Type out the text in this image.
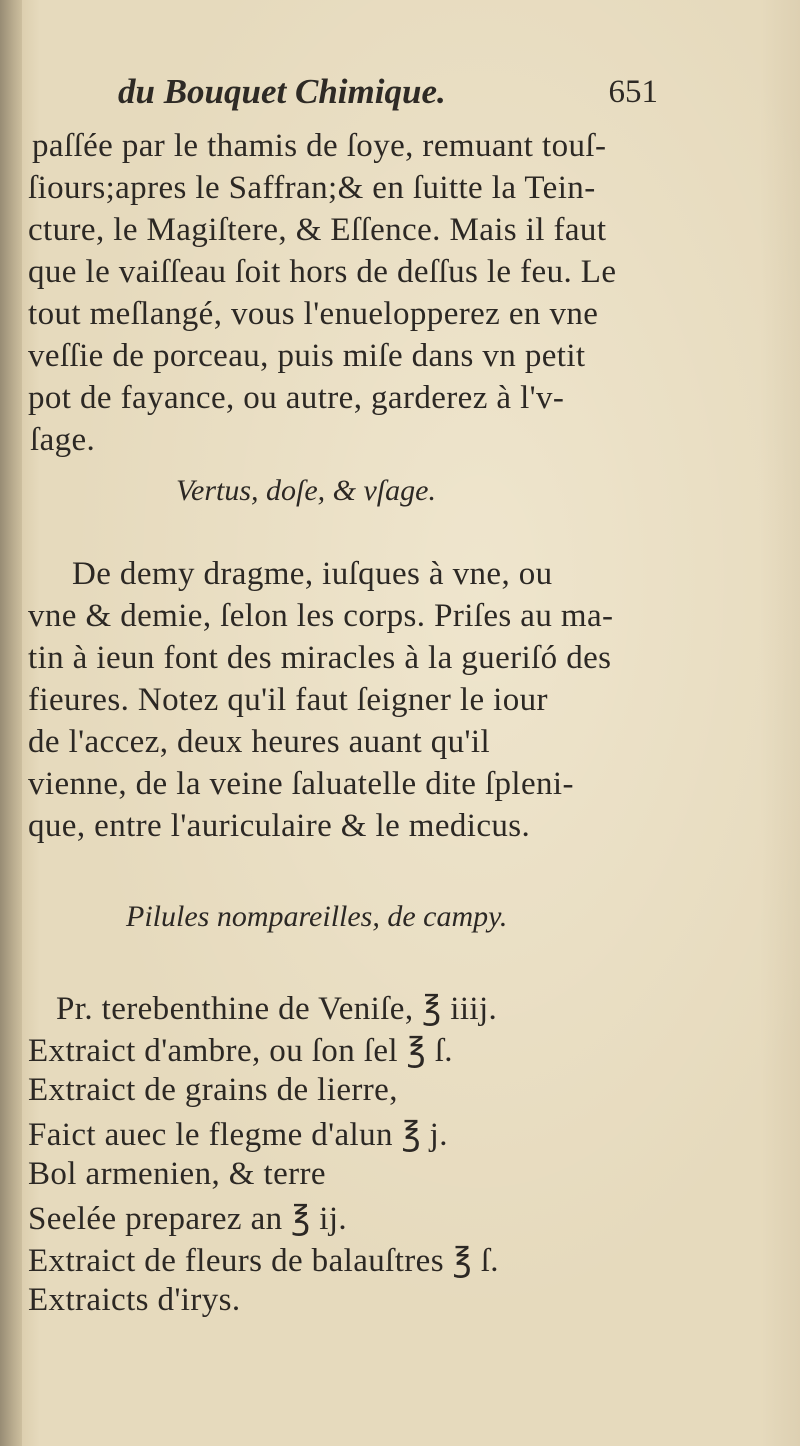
du Bouquet Chimique.	651
paſſée par le thamis de ſoye, remuant touſ-
ſiours;apres le Saffran;& en ſuitte la Tein-
cture, le Magiſtere, & Eſſence. Mais il faut
que le vaiſſeau ſoit hors de deſſus le feu. Le
tout meſlangé, vous l'enuelopperez en vne
veſſie de porceau, puis miſe dans vn petit
pot de fayance, ou autre, garderez à l'v-
ſage.
Vertus, doſe, & vſage.
De demy dragme, iuſques à vne, ou
vne & demie, ſelon les corps. Priſes au ma-
tin à ieun font des miracles à la gueriſó des
fieures. Notez qu'il faut ſeigner le iour
de l'accez, deux heures auant qu'il
vienne, de la veine ſaluatelle dite ſpleni-
que, entre l'auriculaire & le medicus.
Pilules nompareilles, de campy.
Pr. terebenthine de Veniſe, ℥ iiij.
Extraict d'ambre, ou ſon ſel ℥ ſ.
Extraict de grains de lierre,
Faict auec le flegme d'alun ℥ j.
Bol armenien, & terre
Seelée preparez an ℥ ij.
Extraict de fleurs de balauſtres ℥ ſ.
Extraicts d'irys.
